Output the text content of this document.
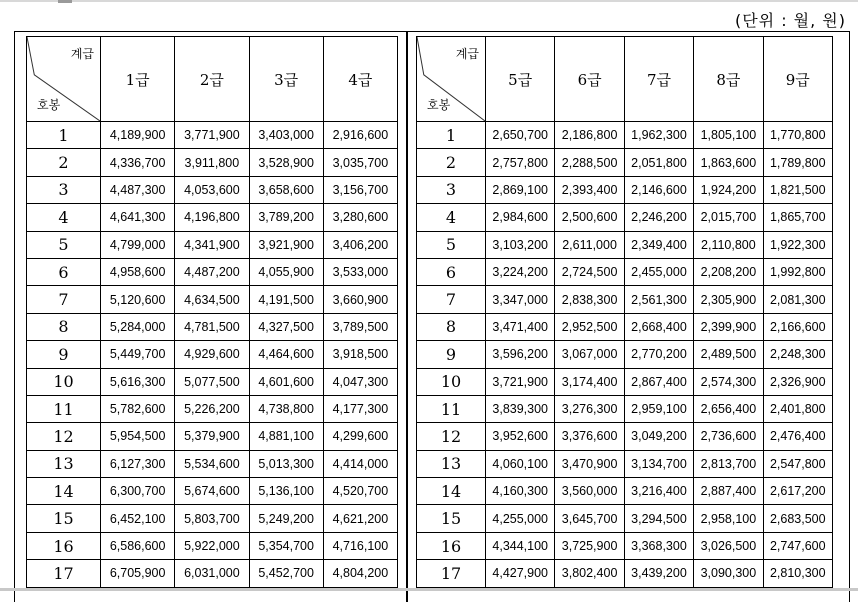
(단위 : 월, 원)
계급
호봉	1급	2급	3급	4급
1	4,189,900	3,771,900	3,403,000	2,916,600
2	4,336,700	3,911,800	3,528,900	3,035,700
3	4,487,300	4,053,600	3,658,600	3,156,700
4	4,641,300	4,196,800	3,789,200	3,280,600
5	4,799,000	4,341,900	3,921,900	3,406,200
6	4,958,600	4,487,200	4,055,900	3,533,000
7	5,120,600	4,634,500	4,191,500	3,660,900
8	5,284,000	4,781,500	4,327,500	3,789,500
9	5,449,700	4,929,600	4,464,600	3,918,500
10	5,616,300	5,077,500	4,601,600	4,047,300
11	5,782,600	5,226,200	4,738,800	4,177,300
12	5,954,500	5,379,900	4,881,100	4,299,600
13	6,127,300	5,534,600	5,013,300	4,414,000
14	6,300,700	5,674,600	5,136,100	4,520,700
15	6,452,100	5,803,700	5,249,200	4,621,200
16	6,586,600	5,922,000	5,354,700	4,716,100
17	6,705,900	6,031,000	5,452,700	4,804,200
계급
호봉	5급	6급	7급	8급	9급
1	2,650,700	2,186,800	1,962,300	1,805,100	1,770,800
2	2,757,800	2,288,500	2,051,800	1,863,600	1,789,800
3	2,869,100	2,393,400	2,146,600	1,924,200	1,821,500
4	2,984,600	2,500,600	2,246,200	2,015,700	1,865,700
5	3,103,200	2,611,000	2,349,400	2,110,800	1,922,300
6	3,224,200	2,724,500	2,455,000	2,208,200	1,992,800
7	3,347,000	2,838,300	2,561,300	2,305,900	2,081,300
8	3,471,400	2,952,500	2,668,400	2,399,900	2,166,600
9	3,596,200	3,067,000	2,770,200	2,489,500	2,248,300
10	3,721,900	3,174,400	2,867,400	2,574,300	2,326,900
11	3,839,300	3,276,300	2,959,100	2,656,400	2,401,800
12	3,952,600	3,376,600	3,049,200	2,736,600	2,476,400
13	4,060,100	3,470,900	3,134,700	2,813,700	2,547,800
14	4,160,300	3,560,000	3,216,400	2,887,400	2,617,200
15	4,255,000	3,645,700	3,294,500	2,958,100	2,683,500
16	4,344,100	3,725,900	3,368,300	3,026,500	2,747,600
17	4,427,900	3,802,400	3,439,200	3,090,300	2,810,300
